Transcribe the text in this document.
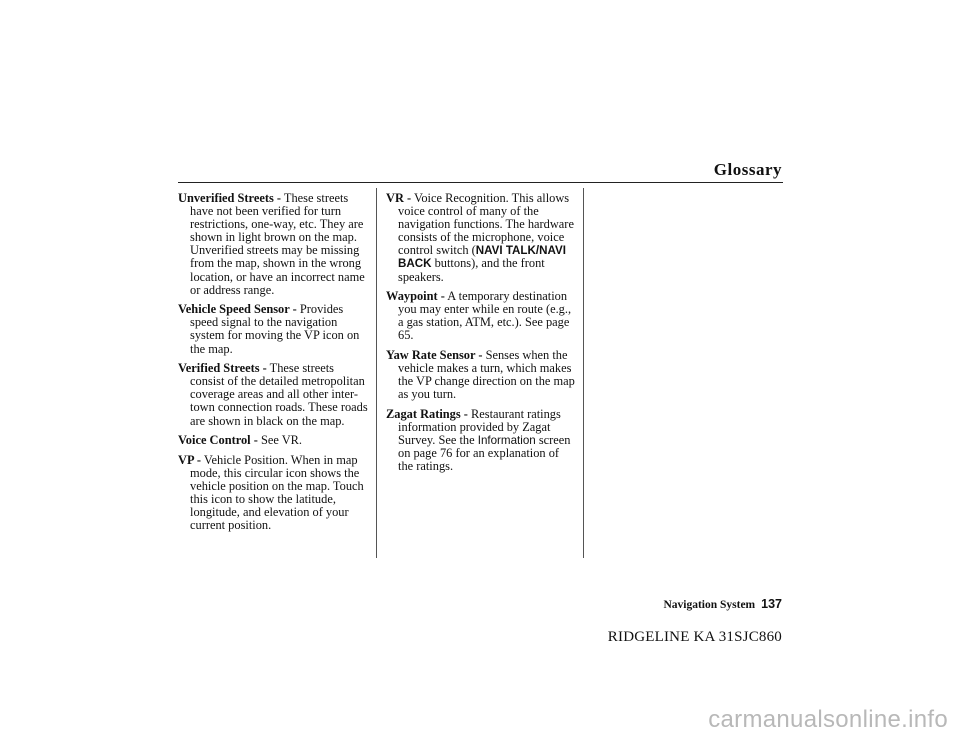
Glossary

Unverified Streets - These streets have not been verified for turn restrictions, one-way, etc. They are shown in light brown on the map. Unverified streets may be missing from the map, shown in the wrong location, or have an incorrect name or address range.

Vehicle Speed Sensor - Provides speed signal to the navigation system for moving the VP icon on the map.

Verified Streets - These streets consist of the detailed metropolitan coverage areas and all other inter-town connection roads. These roads are shown in black on the map.

Voice Control - See VR.

VP - Vehicle Position. When in map mode, this circular icon shows the vehicle position on the map. Touch this icon to show the latitude, longitude, and elevation of your current position.

VR - Voice Recognition. This allows voice control of many of the navigation functions. The hardware consists of the microphone, voice control switch (NAVI TALK/NAVI BACK buttons), and the front speakers.

Waypoint - A temporary destination you may enter while en route (e.g., a gas station, ATM, etc.). See page 65.

Yaw Rate Sensor - Senses when the vehicle makes a turn, which makes the VP change direction on the map as you turn.

Zagat Ratings - Restaurant ratings information provided by Zagat Survey. See the Information screen on page 76 for an explanation of the ratings.

Navigation System 137
RIDGELINE KA 31SJC860
carmanualsonline.info
